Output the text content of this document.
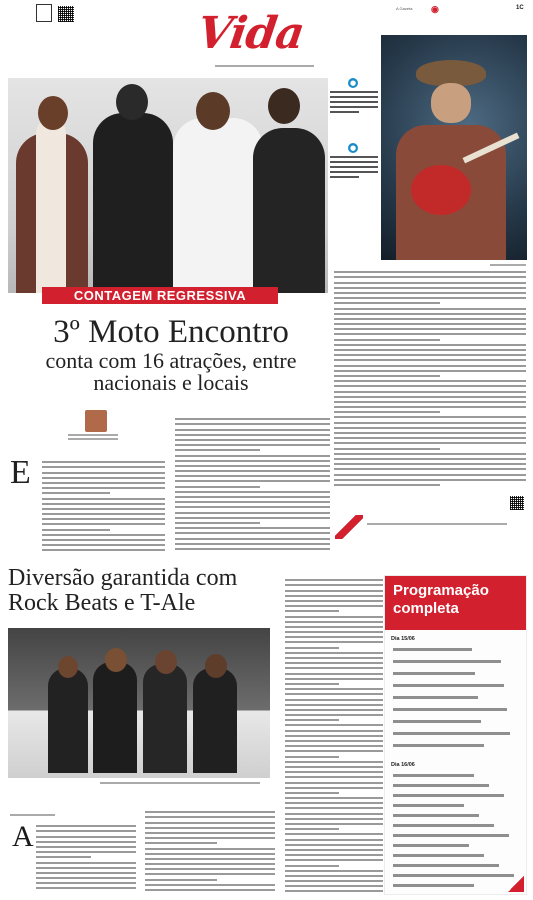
Vida	A Gazeta ◉	1C
●
●
CONTAGEM REGRESSIVA
3º Moto Encontro
conta com 16 atrações, entre nacionais e locais
E
Diversão garantida com Rock Beats e T-Ale
A
Programação completa
Dia 15/06
Dia 16/06
